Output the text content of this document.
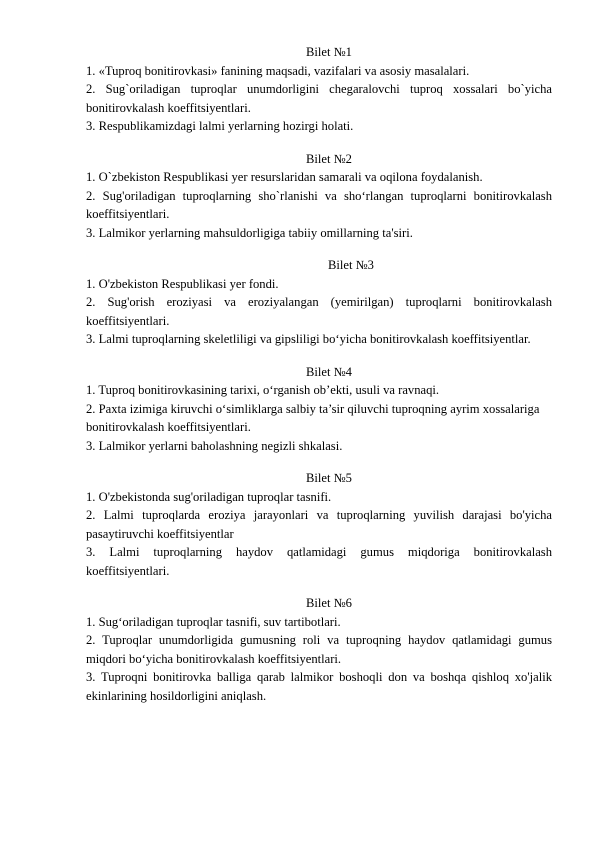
Bilet №1

1. «Tuproq bonitirovkasi» fanining maqsadi, vazifalari va asosiy masalalari.

2. Sug`oriladigan tuproqlar unumdorligini chegaralovchi tuproq xossalari bo`yicha bonitirovkalash koeffitsiyentlari.

3. Respublikamizdagi lalmi yerlarning hozirgi holati.

Bilet №2

1. O`zbekiston Respublikasi yer resurslaridan samarali va oqilona foydalanish.

2. Sug'oriladigan tuproqlarning sho`rlanishi va sho‘rlangan tuproqlarni bonitirovkalash koeffitsiyentlari.

3. Lalmikor yerlarning mahsuldorligiga tabiiy omillarning ta'siri.

Bilet №3

1. O'zbekiston Respublikasi yer fondi.

2. Sug'orish eroziyasi va eroziyalangan (yemirilgan) tuproqlarni bonitirovkalash koeffitsiyentlari.

3. Lalmi tuproqlarning skeletliligi va gipsliligi bo‘yicha bonitirovkalash koeffitsiyentlar.

Bilet №4

1. Tuproq bonitirovkasining tarixi, o‘rganish ob’ekti, usuli va ravnaqi.

2. Paxta izimiga kiruvchi o‘simliklarga salbiy ta’sir qiluvchi tuproqning ayrim xossalariga bonitirovkalash koeffitsiyentlari.

3. Lalmikor yerlarni baholashning negizli shkalasi.

Bilet №5

1. O'zbekistonda sug'oriladigan tuproqlar tasnifi.

2. Lalmi tuproqlarda eroziya jarayonlari va tuproqlarning yuvilish darajasi bo'yicha pasaytiruvchi koeffitsiyentlar

3. Lalmi tuproqlarning haydov qatlamidagi gumus miqdoriga bonitirovkalash koeffitsiyentlari.

Bilet №6

1. Sug‘oriladigan tuproqlar tasnifi, suv tartibotlari.

2. Tuproqlar unumdorligida gumusning roli va tuproqning haydov qatlamidagi gumus miqdori bo‘yicha bonitirovkalash koeffitsiyentlari.

3. Tuproqni bonitirovka balliga qarab lalmikor boshoqli don va boshqa qishloq xo'jalik ekinlarining hosildorligini aniqlash.
